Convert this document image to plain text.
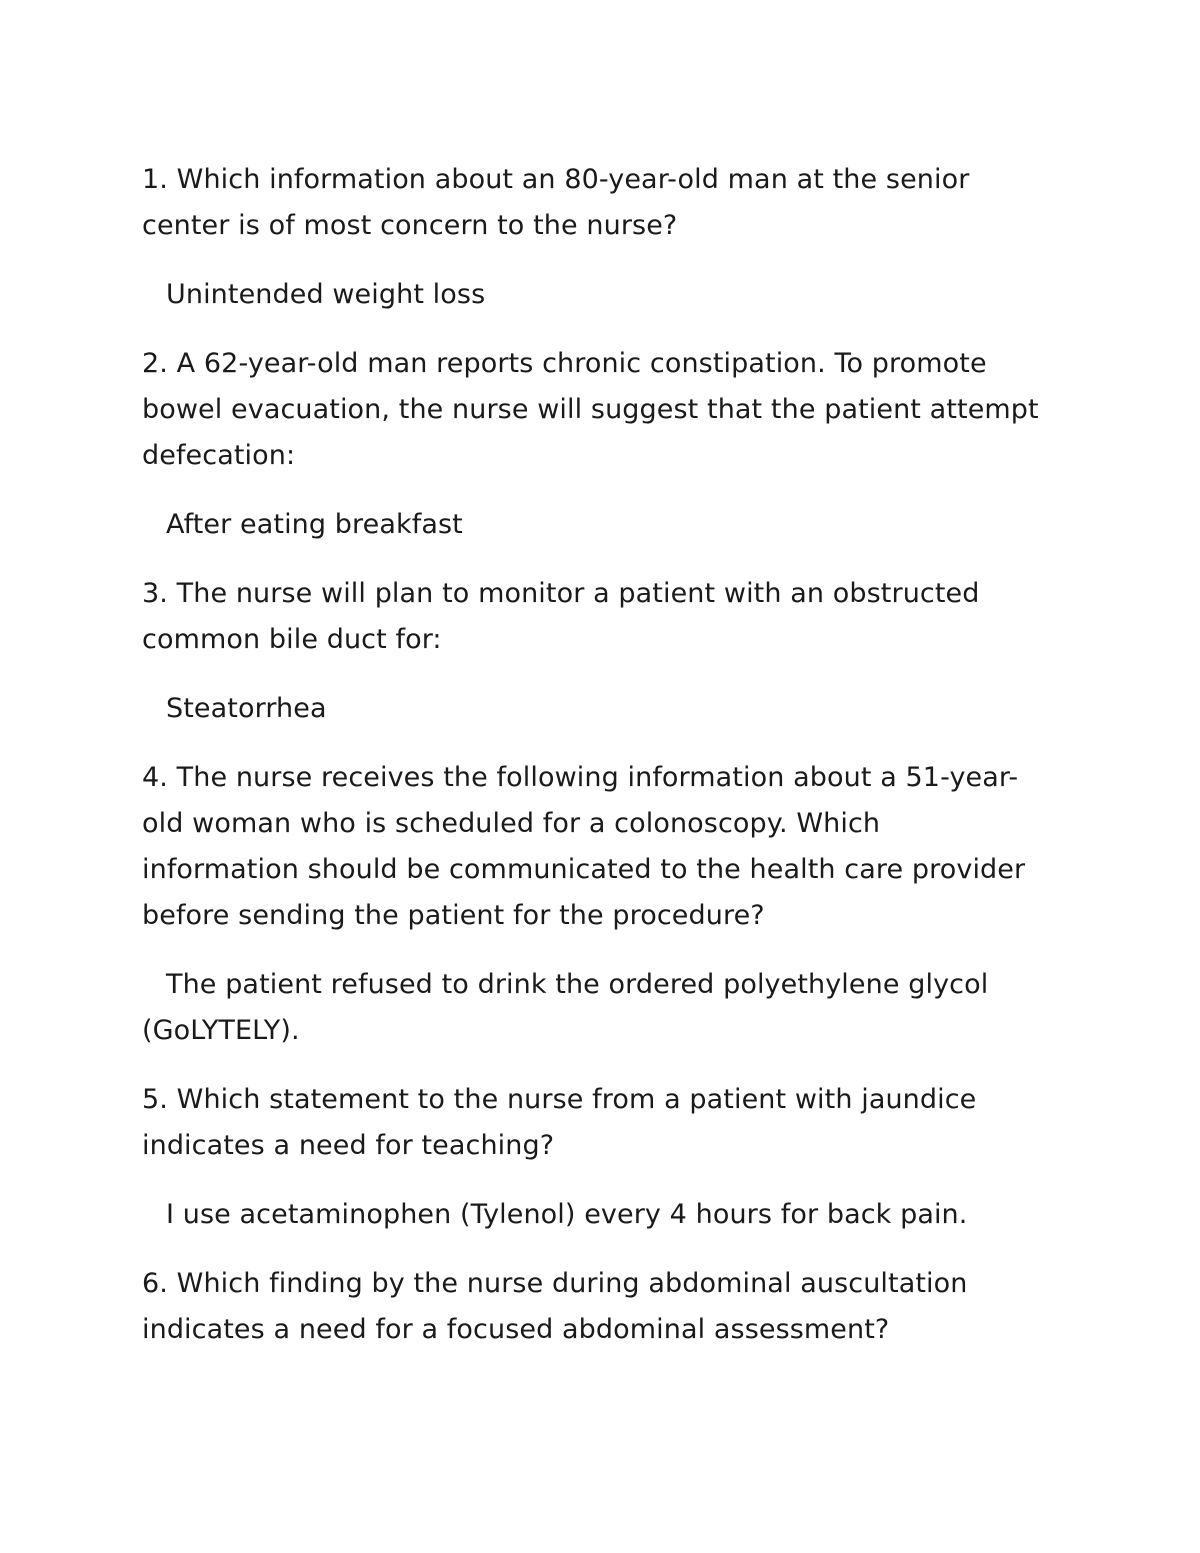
1. Which information about an 80-year-old man at the senior center is of most concern to the nurse?

Unintended weight loss

2. A 62-year-old man reports chronic constipation. To promote bowel evacuation, the nurse will suggest that the patient attempt defecation:

After eating breakfast

3. The nurse will plan to monitor a patient with an obstructed common bile duct for:

Steatorrhea

4. The nurse receives the following information about a 51-year-old woman who is scheduled for a colonoscopy. Which information should be communicated to the health care provider before sending the patient for the procedure?

The patient refused to drink the ordered polyethylene glycol (GoLYTELY).

5. Which statement to the nurse from a patient with jaundice indicates a need for teaching?

I use acetaminophen (Tylenol) every 4 hours for back pain.

6. Which finding by the nurse during abdominal auscultation indicates a need for a focused abdominal assessment?
